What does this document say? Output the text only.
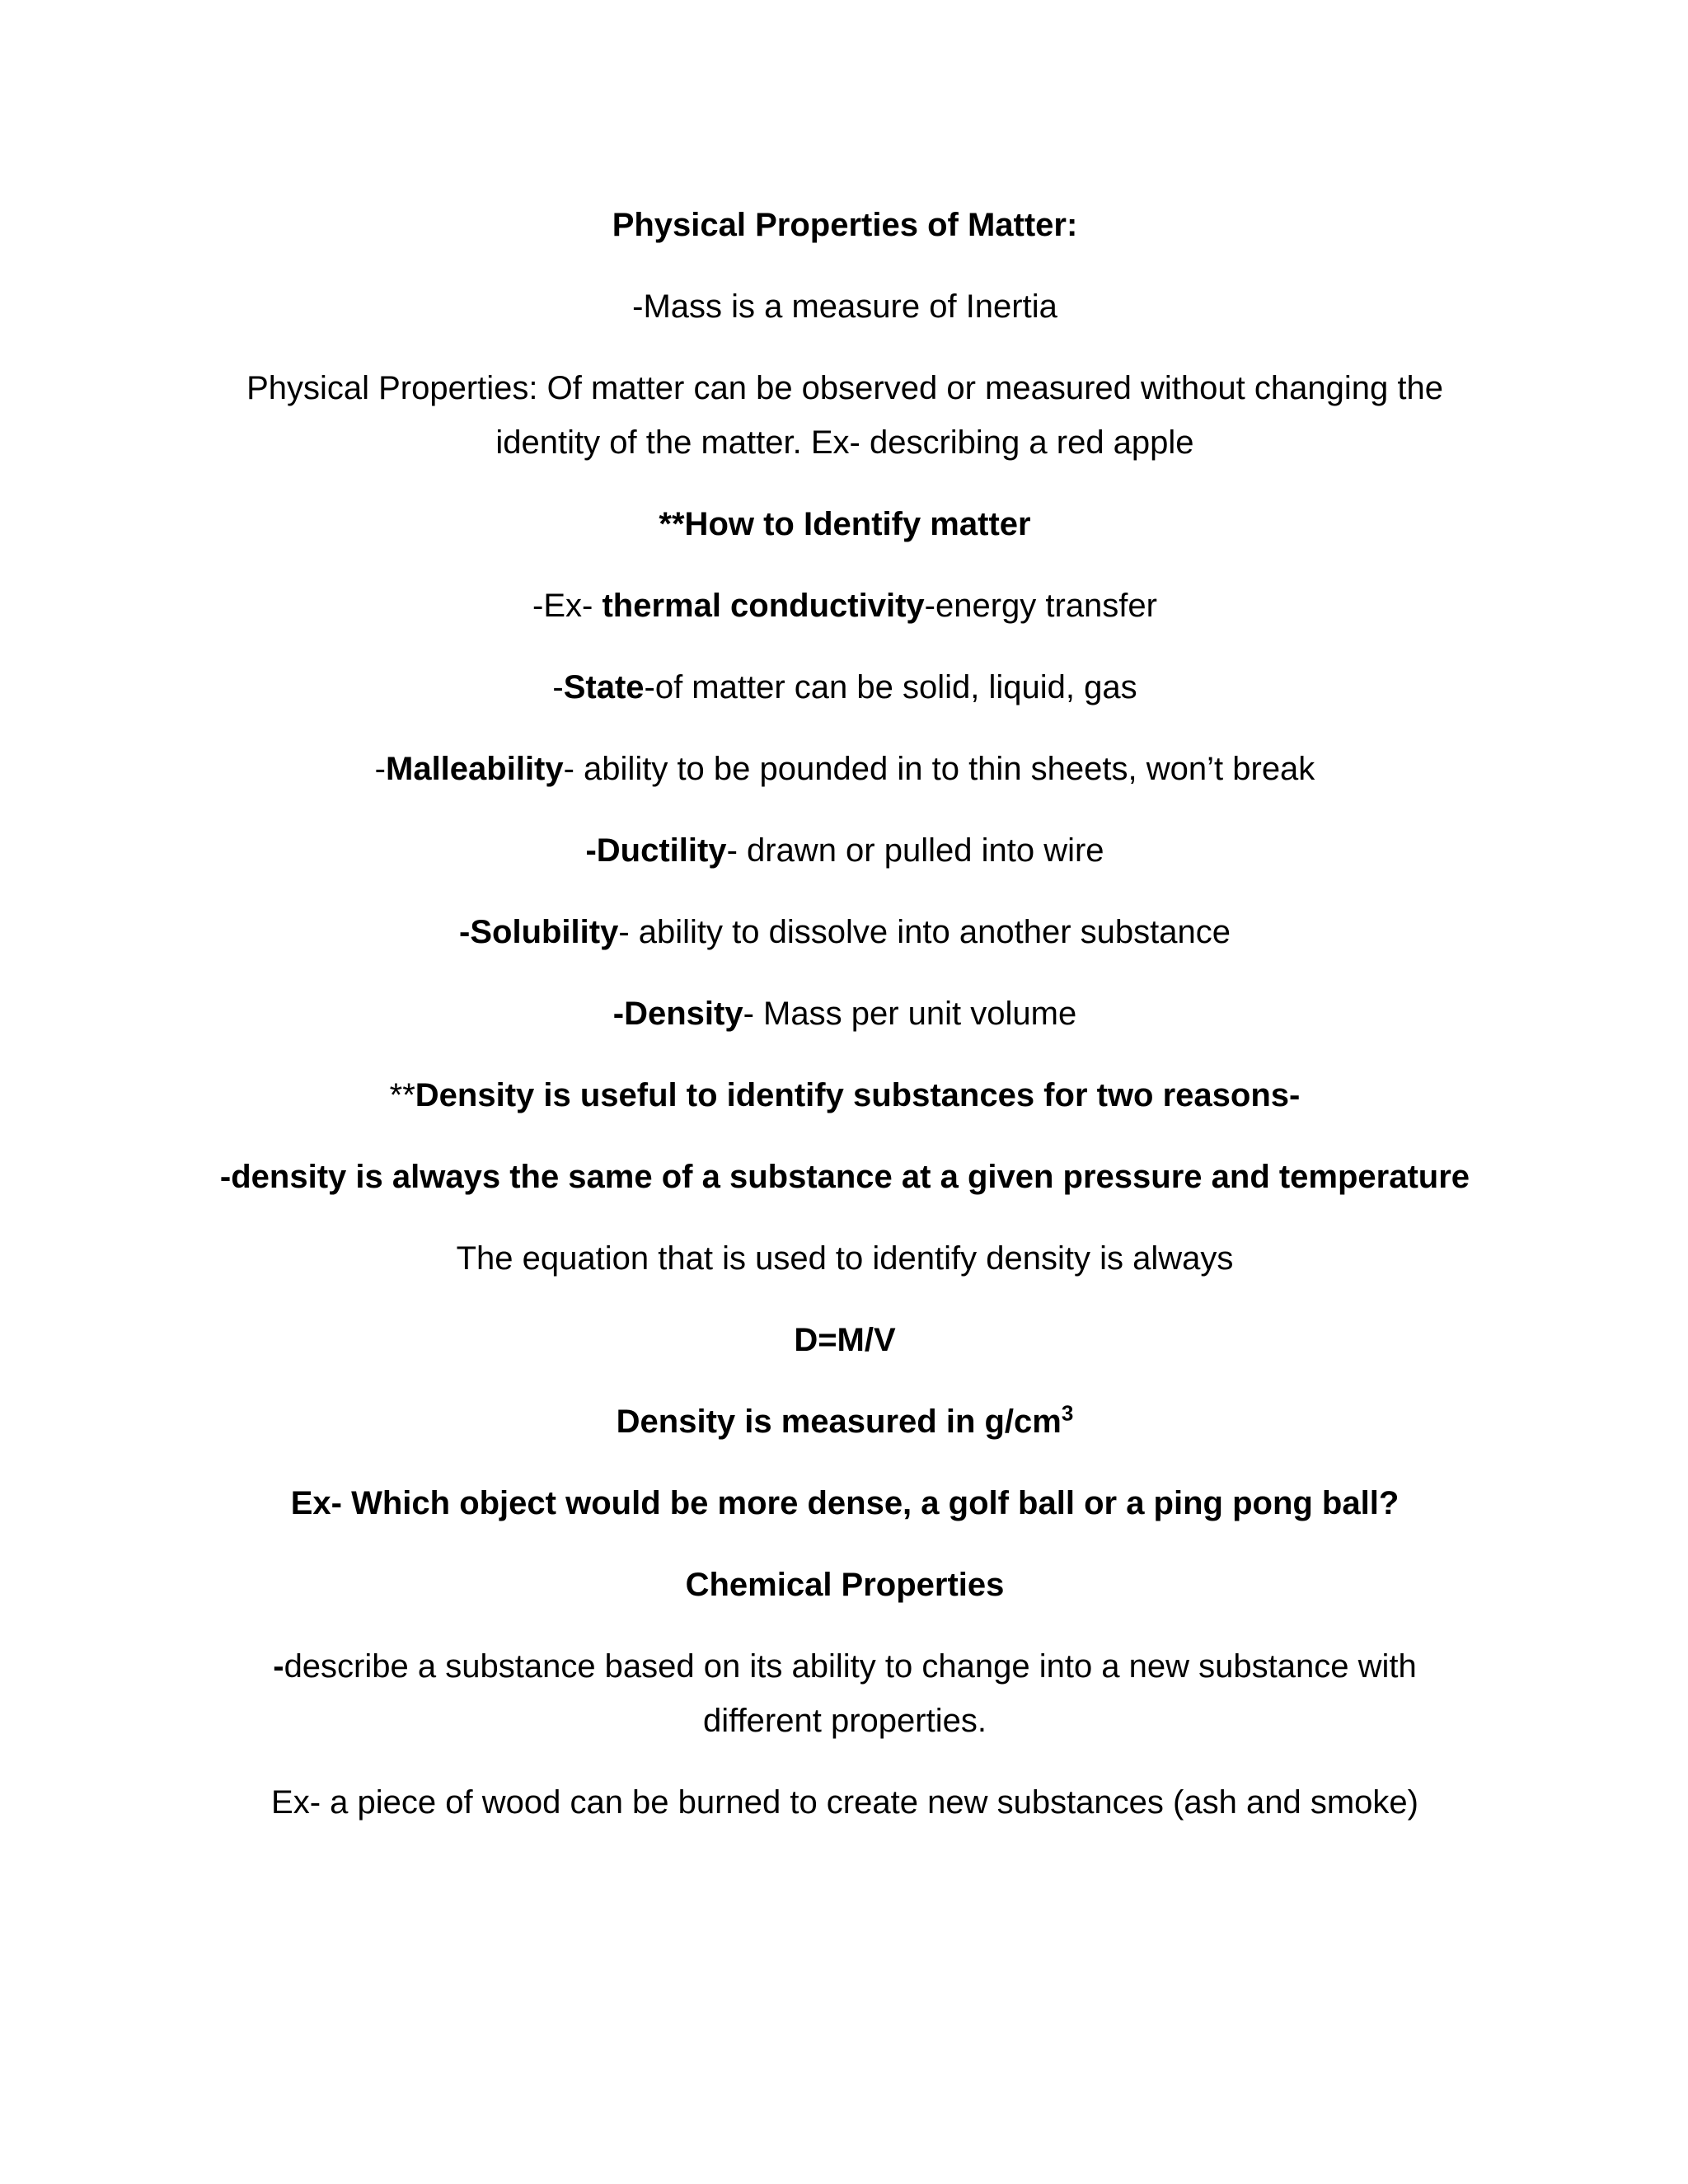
Physical Properties of Matter:

-Mass is a measure of Inertia

Physical Properties: Of matter can be observed or measured without changing the
identity of the matter. Ex- describing a red apple

**How to Identify matter

-Ex- thermal conductivity-energy transfer

-State-of matter can be solid, liquid, gas

-Malleability- ability to be pounded in to thin sheets, won’t break

-Ductility- drawn or pulled into wire

-Solubility- ability to dissolve into another substance

-Density- Mass per unit volume

**Density is useful to identify substances for two reasons-

-density is always the same of a substance at a given pressure and temperature

The equation that is used to identify density is always

D=M/V

Density is measured in $g/cm^3$

Ex- Which object would be more dense, a golf ball or a ping pong ball?

Chemical Properties

-describe a substance based on its ability to change into a new substance with
different properties.

Ex- a piece of wood can be burned to create new substances (ash and smoke)
